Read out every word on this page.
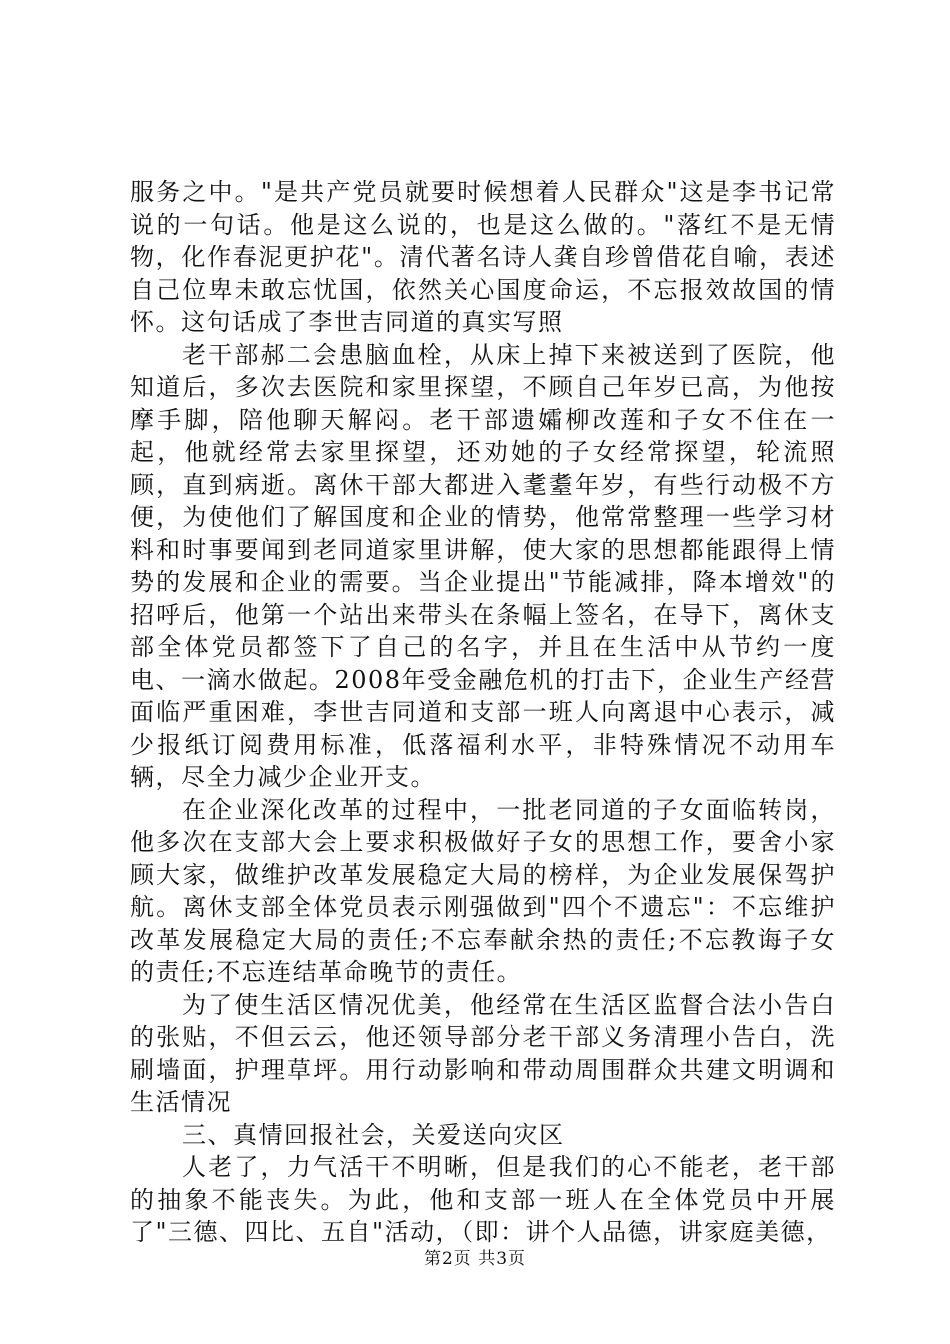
服务之中。"是共产党员就要时候想着人民群众"这是李书记常说的一句话。他是这么说的，也是这么做的。"落红不是无情物，化作春泥更护花"。清代著名诗人龚自珍曾借花自喻，表述自己位卑未敢忘忧国，依然关心国度命运，不忘报效故国的情怀。这句话成了李世吉同道的真实写照

老干部郝二会患脑血栓，从床上掉下来被送到了医院，他知道后，多次去医院和家里探望，不顾自己年岁已高，为他按摩手脚，陪他聊天解闷。老干部遗孀柳改莲和子女不住在一起，他就经常去家里探望，还劝她的子女经常探望，轮流照顾，直到病逝。离休干部大都进入耄耋年岁，有些行动极不方便，为使他们了解国度和企业的情势，他常常整理一些学习材料和时事要闻到老同道家里讲解，使大家的思想都能跟得上情势的发展和企业的需要。当企业提出"节能减排，降本增效"的招呼后，他第一个站出来带头在条幅上签名，在导下，离休支部全体党员都签下了自己的名字，并且在生活中从节约一度电、一滴水做起。2008年受金融危机的打击下，企业生产经营面临严重困难，李世吉同道和支部一班人向离退中心表示，减少报纸订阅费用标准，低落福利水平，非特殊情况不动用车辆，尽全力减少企业开支。

在企业深化改革的过程中，一批老同道的子女面临转岗，他多次在支部大会上要求积极做好子女的思想工作，要舍小家顾大家，做维护改革发展稳定大局的榜样，为企业发展保驾护航。离休支部全体党员表示刚强做到"四个不遗忘"：不忘维护改革发展稳定大局的责任;不忘奉献余热的责任;不忘教诲子女的责任;不忘连结革命晚节的责任。

为了使生活区情况优美，他经常在生活区监督合法小告白的张贴，不但云云，他还领导部分老干部义务清理小告白，洗刷墙面，护理草坪。用行动影响和带动周围群众共建文明调和生活情况

三、真情回报社会，关爱送向灾区

人老了，力气活干不明晰，但是我们的心不能老，老干部的抽象不能丧失。为此，他和支部一班人在全体党员中开展了"三德、四比、五自"活动，（即：讲个人品德，讲家庭美德，

第2页 共3页
